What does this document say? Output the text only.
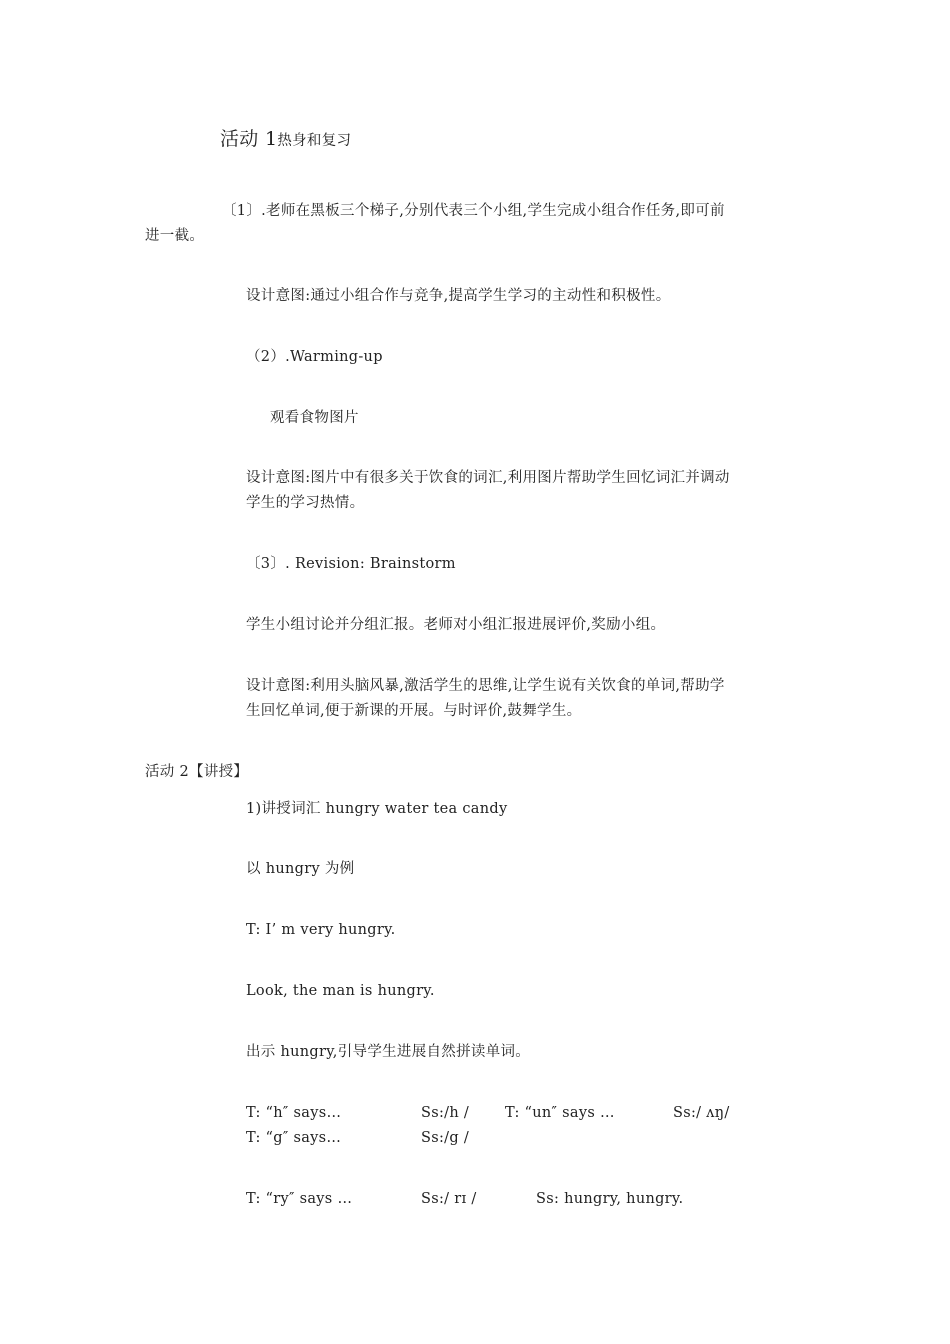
活动 1热身和复习
〔1〕.老师在黑板三个梯子,分别代表三个小组,学生完成小组合作任务,即可前
进一截。
设计意图:通过小组合作与竞争,提高学生学习的主动性和积极性。
（2）.Warming-up
观看食物图片
设计意图:图片中有很多关于饮食的词汇,利用图片帮助学生回忆词汇并调动
学生的学习热情。
〔3〕. Revision: Brainstorm
学生小组讨论并分组汇报。老师对小组汇报进展评价,奖励小组。
设计意图:利用头脑风暴,激活学生的思维,让学生说有关饮食的单词,帮助学
生回忆单词,便于新课的开展。与时评价,鼓舞学生。
活动 2【讲授】
1)讲授词汇 hungry water tea candy
以 hungry 为例
T: I’ m very hungry.
Look, the man is hungry.
出示 hungry,引导学生进展自然拼读单词。
T: “h″ says…	Ss:/h / T: “un″ says …	Ss:/ ʌŋ/
T: “g″ says…	Ss:/g /
T: “ry″ says …	Ss:/ rɪ /	Ss: hungry, hungry.
